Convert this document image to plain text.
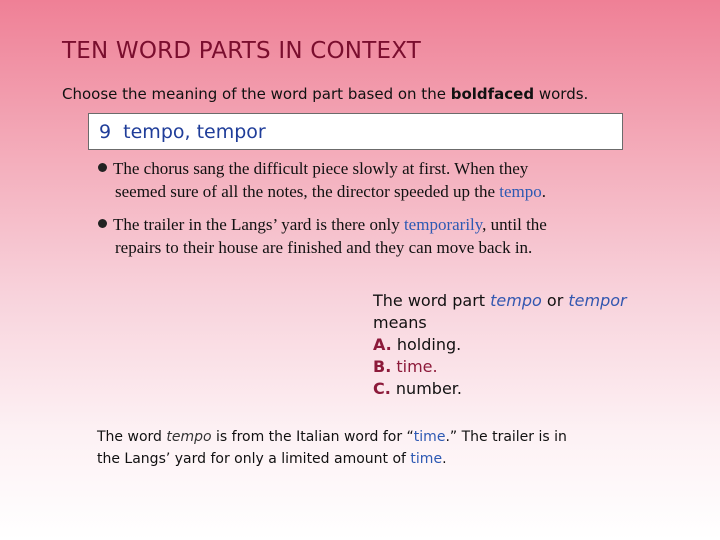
TEN WORD PARTS IN CONTEXT
Choose the meaning of the word part based on the boldfaced words.
9  tempo, tempor
The chorus sang the difficult piece slowly at first. When they
seemed sure of all the notes, the director speeded up the tempo.
The trailer in the Langs’ yard is there only temporarily, until the
repairs to their house are finished and they can move back in.
The word part tempo or tempor
means
A. holding.
B. time.
C. number.
The word tempo is from the Italian word for “time.” The trailer is in
the Langs’ yard for only a limited amount of time.
